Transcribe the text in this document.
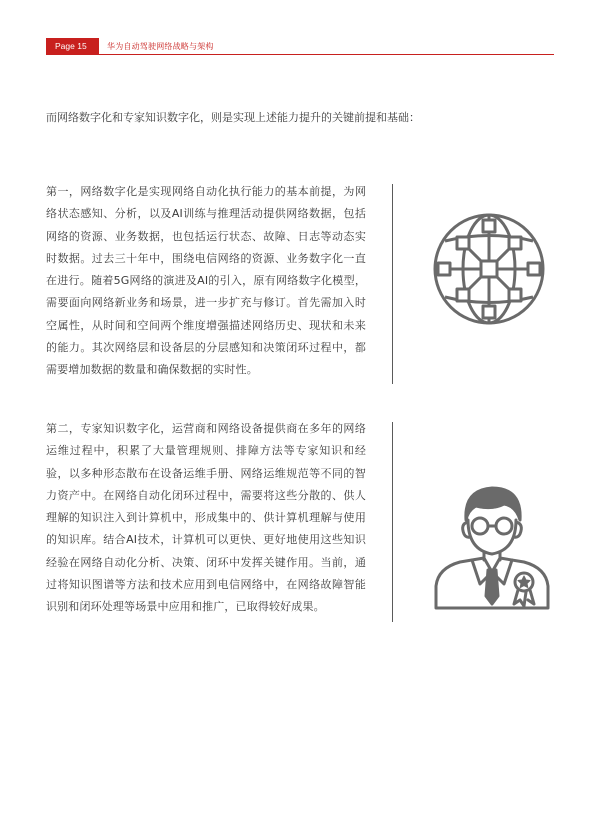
Page 15	华为自动驾驶网络战略与架构
而网络数字化和专家知识数字化，则是实现上述能力提升的关键前提和基础：
第一，网络数字化是实现网络自动化执行能力的基本前提，为网络状态感知、分析，以及AI训练与推理活动提供网络数据，包括网络的资源、业务数据，也包括运行状态、故障、日志等动态实时数据。过去三十年中，围绕电信网络的资源、业务数字化一直在进行。随着5G网络的演进及AI的引入，原有网络数字化模型，需要面向网络新业务和场景，进一步扩充与修订。首先需加入时空属性，从时间和空间两个维度增强描述网络历史、现状和未来的能力。其次网络层和设备层的分层感知和决策闭环过程中，都需要增加数据的数量和确保数据的实时性。
第二，专家知识数字化，运营商和网络设备提供商在多年的网络运维过程中，积累了大量管理规则、排障方法等专家知识和经验，以多种形态散布在设备运维手册、网络运维规范等不同的智力资产中。在网络自动化闭环过程中，需要将这些分散的、供人理解的知识注入到计算机中，形成集中的、供计算机理解与使用的知识库。结合AI技术，计算机可以更快、更好地使用这些知识经验在网络自动化分析、决策、闭环中发挥关键作用。当前，通过将知识图谱等方法和技术应用到电信网络中，在网络故障智能识别和闭环处理等场景中应用和推广，已取得较好成果。
